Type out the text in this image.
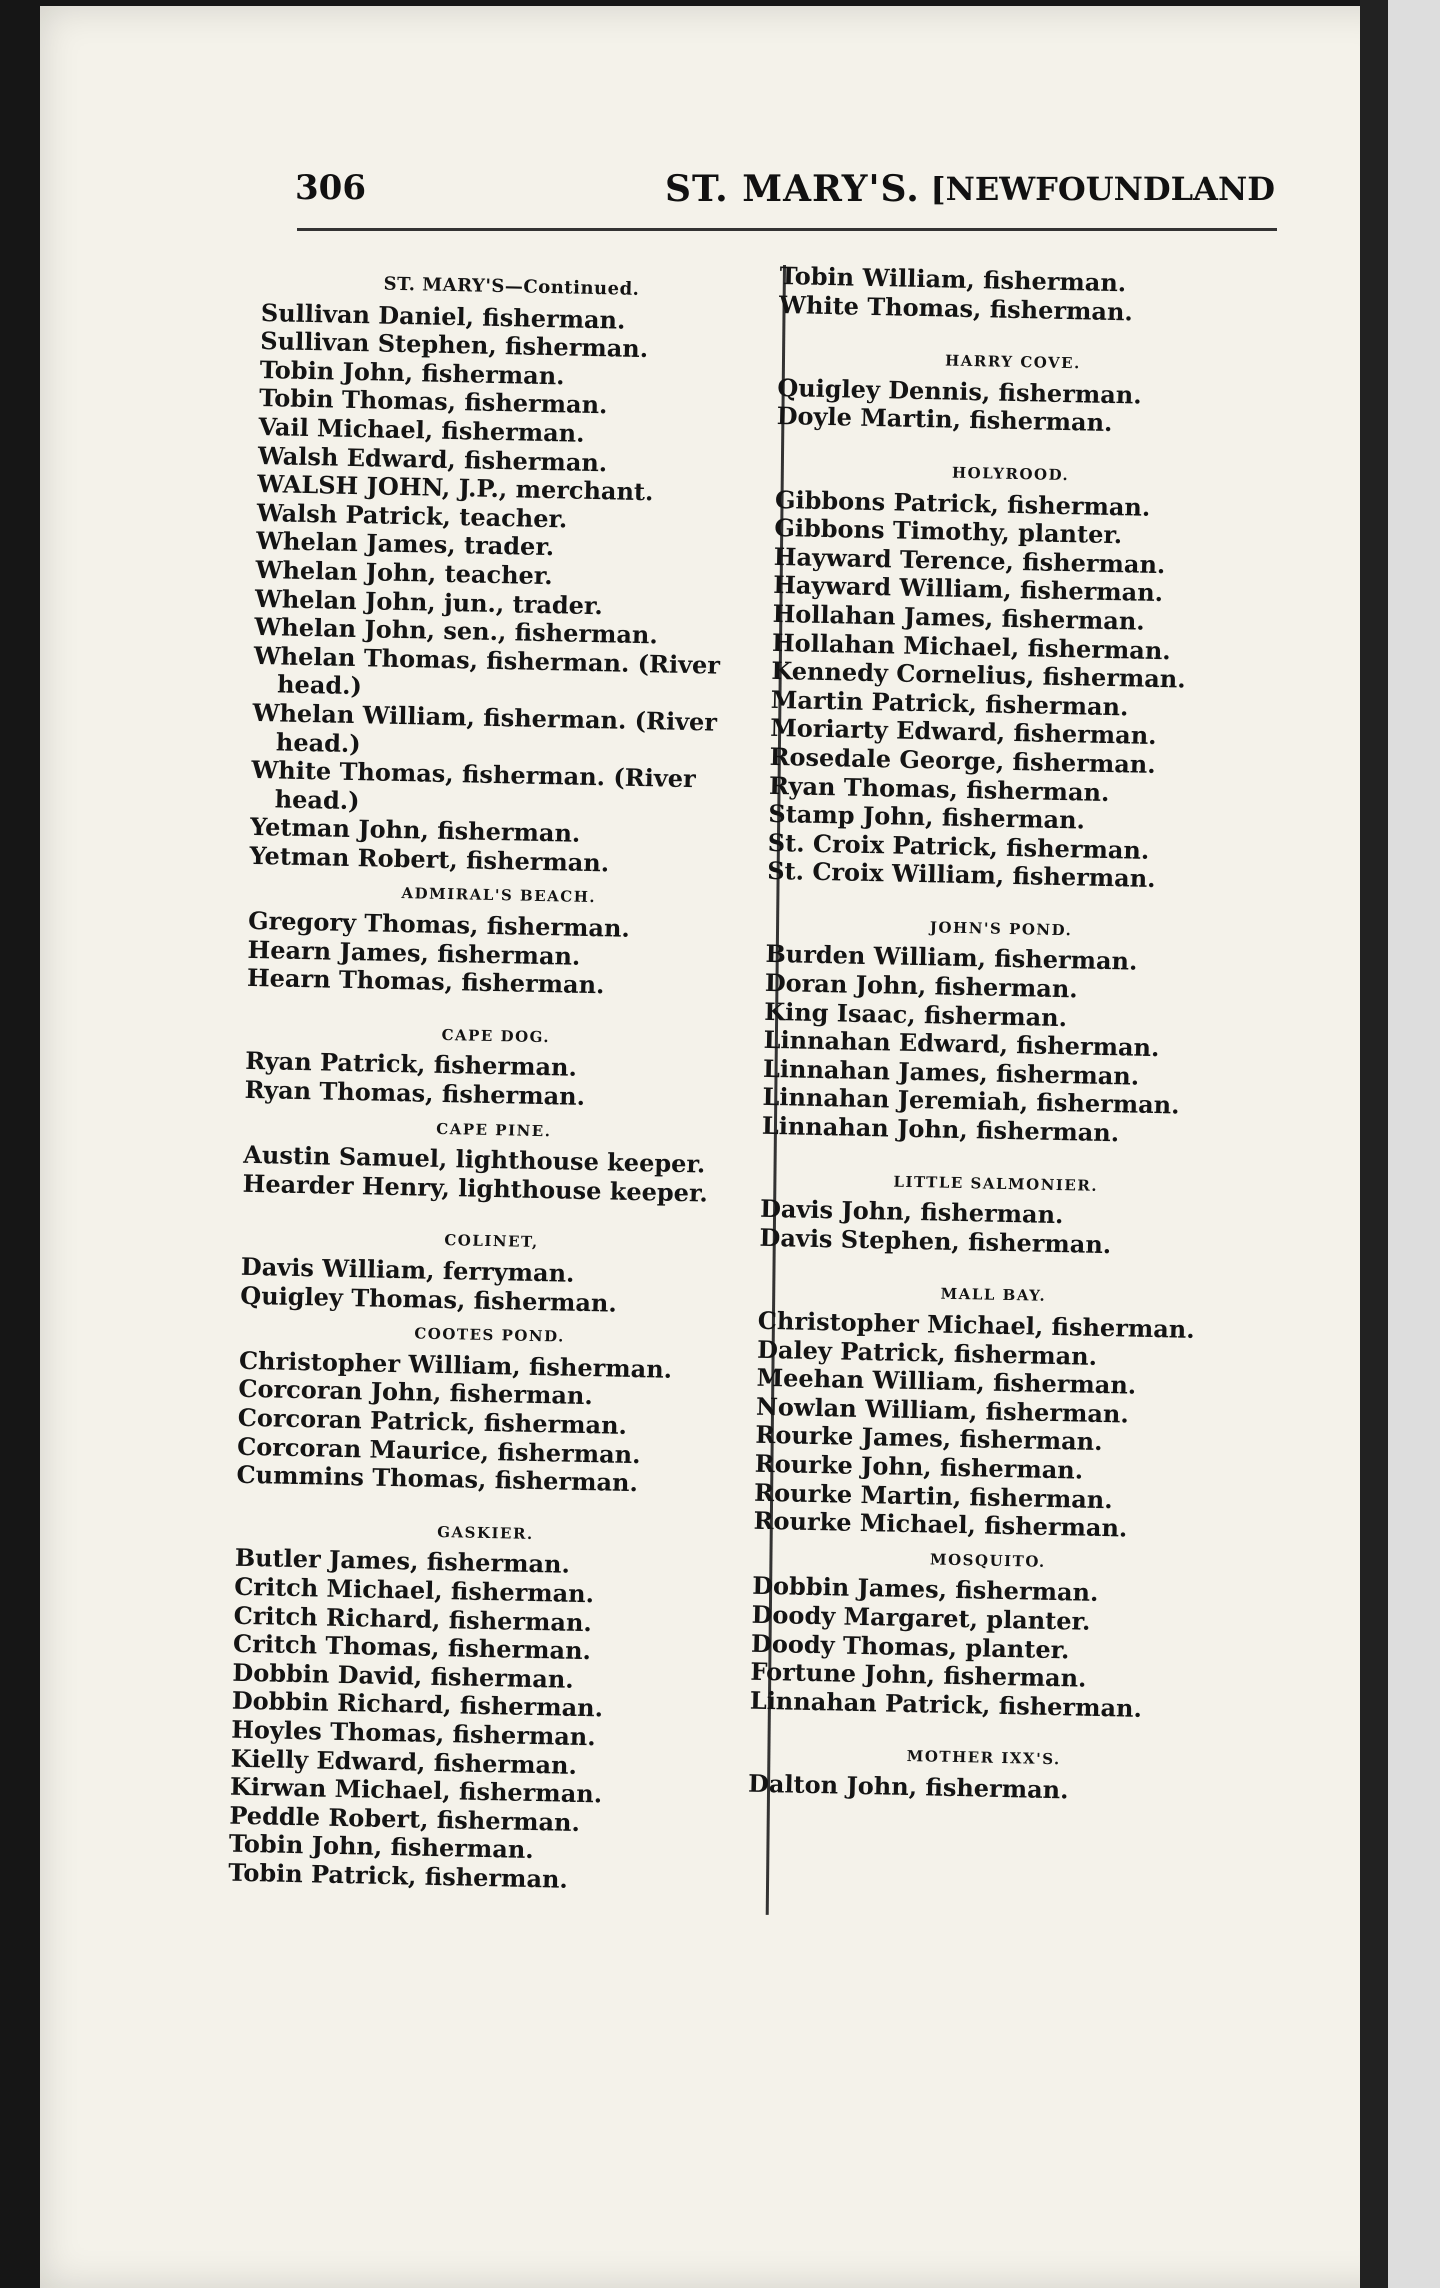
306	ST. MARY'S. [NEWFOUNDLAND
ST. MARY'S—Continued.
Sullivan Daniel, fisherman.
Sullivan Stephen, fisherman.
Tobin John, fisherman.
Tobin Thomas, fisherman.
Vail Michael, fisherman.
Walsh Edward, fisherman.
WALSH JOHN, J.P., merchant.
Walsh Patrick, teacher.
Whelan James, trader.
Whelan John, teacher.
Whelan John, jun., trader.
Whelan John, sen., fisherman.
Whelan Thomas, fisherman. (River head.)
Whelan William, fisherman. (River head.)
White Thomas, fisherman. (River head.)
Yetman John, fisherman.
Yetman Robert, fisherman.
ADMIRAL'S BEACH.
Gregory Thomas, fisherman.
Hearn James, fisherman.
Hearn Thomas, fisherman.
CAPE DOG.
Ryan Patrick, fisherman.
Ryan Thomas, fisherman.
CAPE PINE.
Austin Samuel, lighthouse keeper.
Hearder Henry, lighthouse keeper.
COLINET,
Davis William, ferryman.
Quigley Thomas, fisherman.
COOTES POND.
Christopher William, fisherman.
Corcoran John, fisherman.
Corcoran Patrick, fisherman.
Corcoran Maurice, fisherman.
Cummins Thomas, fisherman.
GASKIER.
Butler James, fisherman.
Critch Michael, fisherman.
Critch Richard, fisherman.
Critch Thomas, fisherman.
Dobbin David, fisherman.
Dobbin Richard, fisherman.
Hoyles Thomas, fisherman.
Kielly Edward, fisherman.
Kirwan Michael, fisherman.
Peddle Robert, fisherman.
Tobin John, fisherman.
Tobin Patrick, fisherman.
Tobin William, fisherman.
White Thomas, fisherman.
HARRY COVE.
Quigley Dennis, fisherman.
Doyle Martin, fisherman.
HOLYROOD.
Gibbons Patrick, fisherman.
Gibbons Timothy, planter.
Hayward Terence, fisherman.
Hayward William, fisherman.
Hollahan James, fisherman.
Hollahan Michael, fisherman.
Kennedy Cornelius, fisherman.
Martin Patrick, fisherman.
Moriarty Edward, fisherman.
Rosedale George, fisherman.
Ryan Thomas, fisherman.
Stamp John, fisherman.
St. Croix Patrick, fisherman.
St. Croix William, fisherman.
JOHN'S POND.
Burden William, fisherman.
Doran John, fisherman.
King Isaac, fisherman.
Linnahan Edward, fisherman.
Linnahan James, fisherman.
Linnahan Jeremiah, fisherman.
Linnahan John, fisherman.
LITTLE SALMONIER.
Davis John, fisherman.
Davis Stephen, fisherman.
MALL BAY.
Christopher Michael, fisherman.
Daley Patrick, fisherman.
Meehan William, fisherman.
Nowlan William, fisherman.
Rourke James, fisherman.
Rourke John, fisherman.
Rourke Martin, fisherman.
Rourke Michael, fisherman.
MOSQUITO.
Dobbin James, fisherman.
Doody Margaret, planter.
Doody Thomas, planter.
Fortune John, fisherman.
Linnahan Patrick, fisherman.
MOTHER IXX'S.
Dalton John, fisherman.
